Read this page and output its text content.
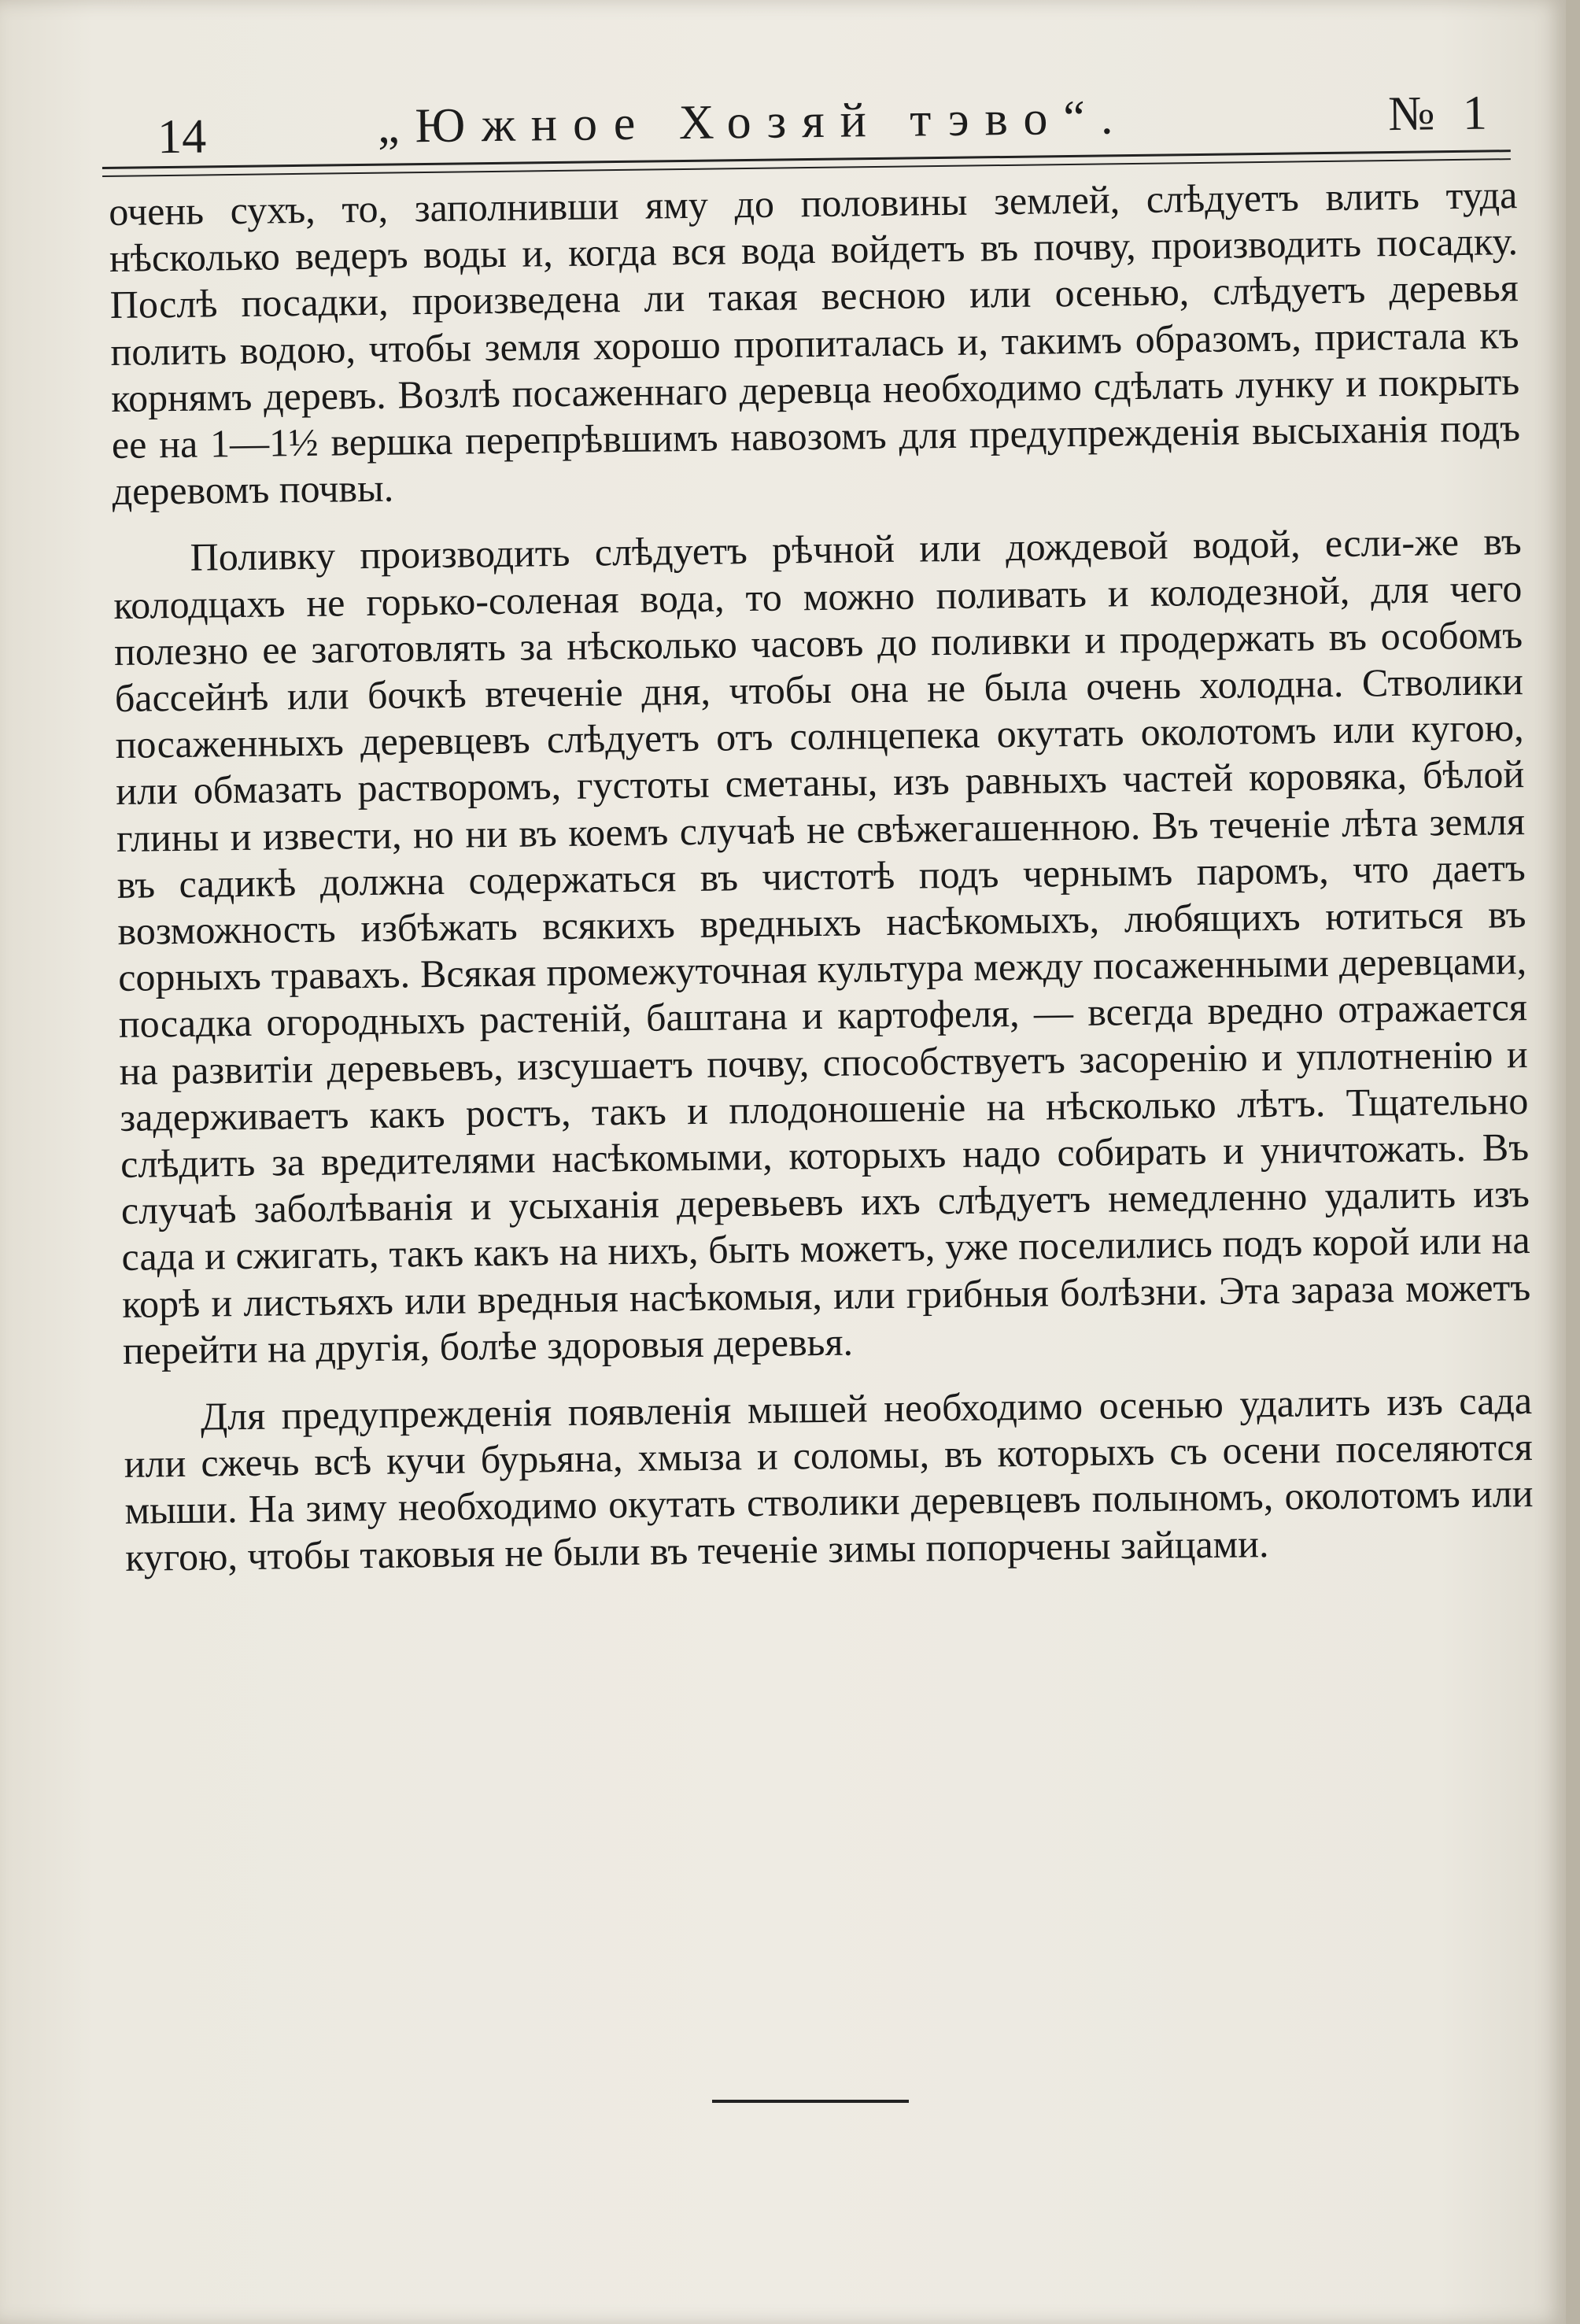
14	„Южное Хозяй тэво“.	№ 1

очень сухъ, то, заполнивши яму до половины землей, слѣдуетъ влить туда нѣсколько ведеръ воды и, когда вся вода войдетъ въ почву, производить посадку. Послѣ посадки, произведена ли такая весною или осенью, слѣдуетъ деревья полить водою, чтобы земля хорошо пропиталась и, такимъ образомъ, пристала къ корнямъ деревъ. Возлѣ посаженнаго деревца необходимо сдѣлать лунку и покрыть ее на 1—1½ вершка перепрѣвшимъ навозомъ для предупрежденія высыханія подъ деревомъ почвы.

Поливку производить слѣдуетъ рѣчной или дождевой водой, если-же въ колодцахъ не горько-соленая вода, то можно поливать и колодезной, для чего полезно ее заготовлять за нѣсколько часовъ до поливки и продержать въ особомъ бассейнѣ или бочкѣ втеченіе дня, чтобы она не была очень холодна. Стволики посаженныхъ деревцевъ слѣдуетъ отъ солнцепека окутать околотомъ или кугою, или обмазать растворомъ, густоты сметаны, изъ равныхъ частей коровяка, бѣлой глины и извести, но ни въ коемъ случаѣ не свѣжегашенною. Въ теченіе лѣта земля въ садикѣ должна содержаться въ чистотѣ подъ чернымъ паромъ, что даетъ возможность избѣжать всякихъ вредныхъ насѣкомыхъ, любящихъ ютиться въ сорныхъ травахъ. Всякая промежуточная культура между посаженными деревцами, посадка огородныхъ растеній, баштана и картофеля, — всегда вредно отражается на развитіи деревьевъ, изсушаетъ почву, способствуетъ засоренію и уплотненію и задерживаетъ какъ ростъ, такъ и плодоношеніе на нѣсколько лѣтъ. Тщательно слѣдить за вредителями насѣкомыми, которыхъ надо собирать и уничтожать. Въ случаѣ заболѣванія и усыханія деревьевъ ихъ слѣдуетъ немедленно удалить изъ сада и сжигать, такъ какъ на нихъ, быть можетъ, уже поселились подъ корой или на корѣ и листьяхъ или вредныя насѣкомыя, или грибныя болѣзни. Эта зараза можетъ перейти на другія, болѣе здоровыя деревья.

Для предупрежденія появленія мышей необходимо осенью удалить изъ сада или сжечь всѣ кучи бурьяна, хмыза и соломы, въ которыхъ съ осени поселяются мыши. На зиму необходимо окутать стволики деревцевъ полыномъ, околотомъ или кугою, чтобы таковыя не были въ теченіе зимы попорчены зайцами.
